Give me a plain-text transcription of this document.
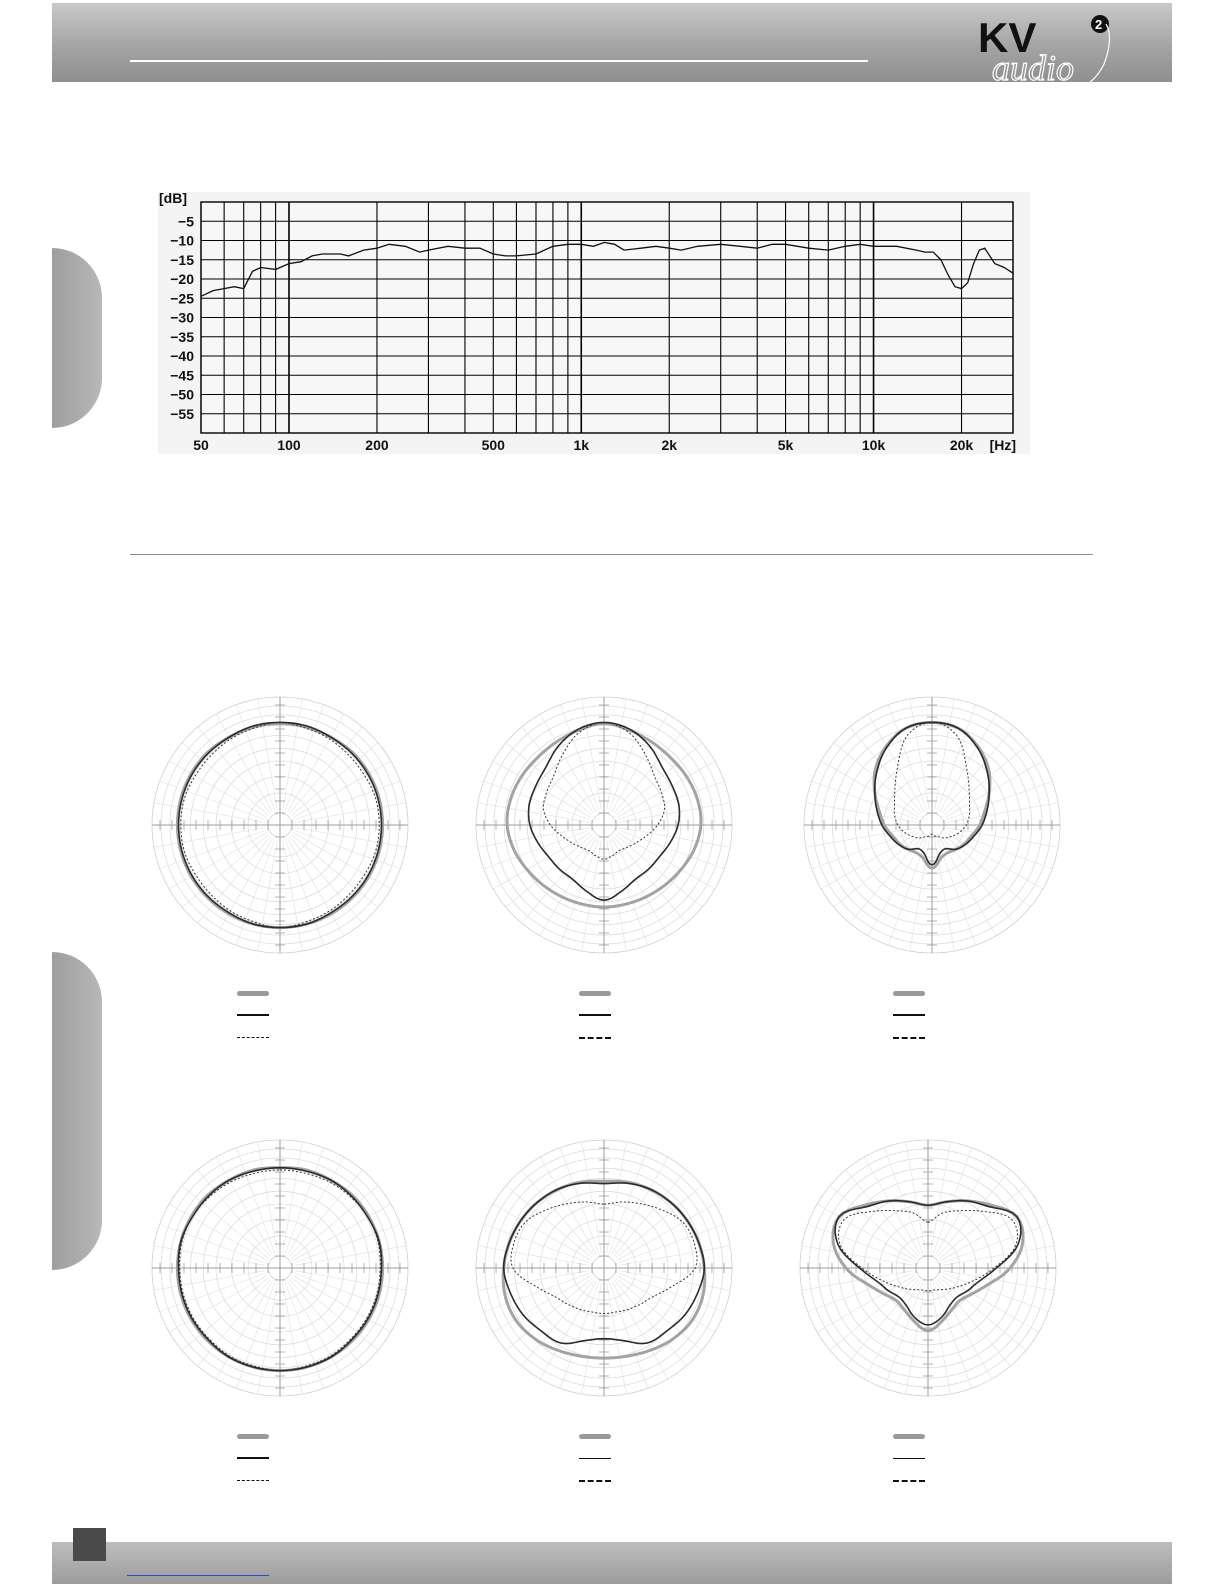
KV	2
audio
−5
−10
−15
−20
−25
−30
−35
−40
−45
−50
−55
[dB]
50	100	200	500	1k	2k	5k	10k	20k [Hz]
